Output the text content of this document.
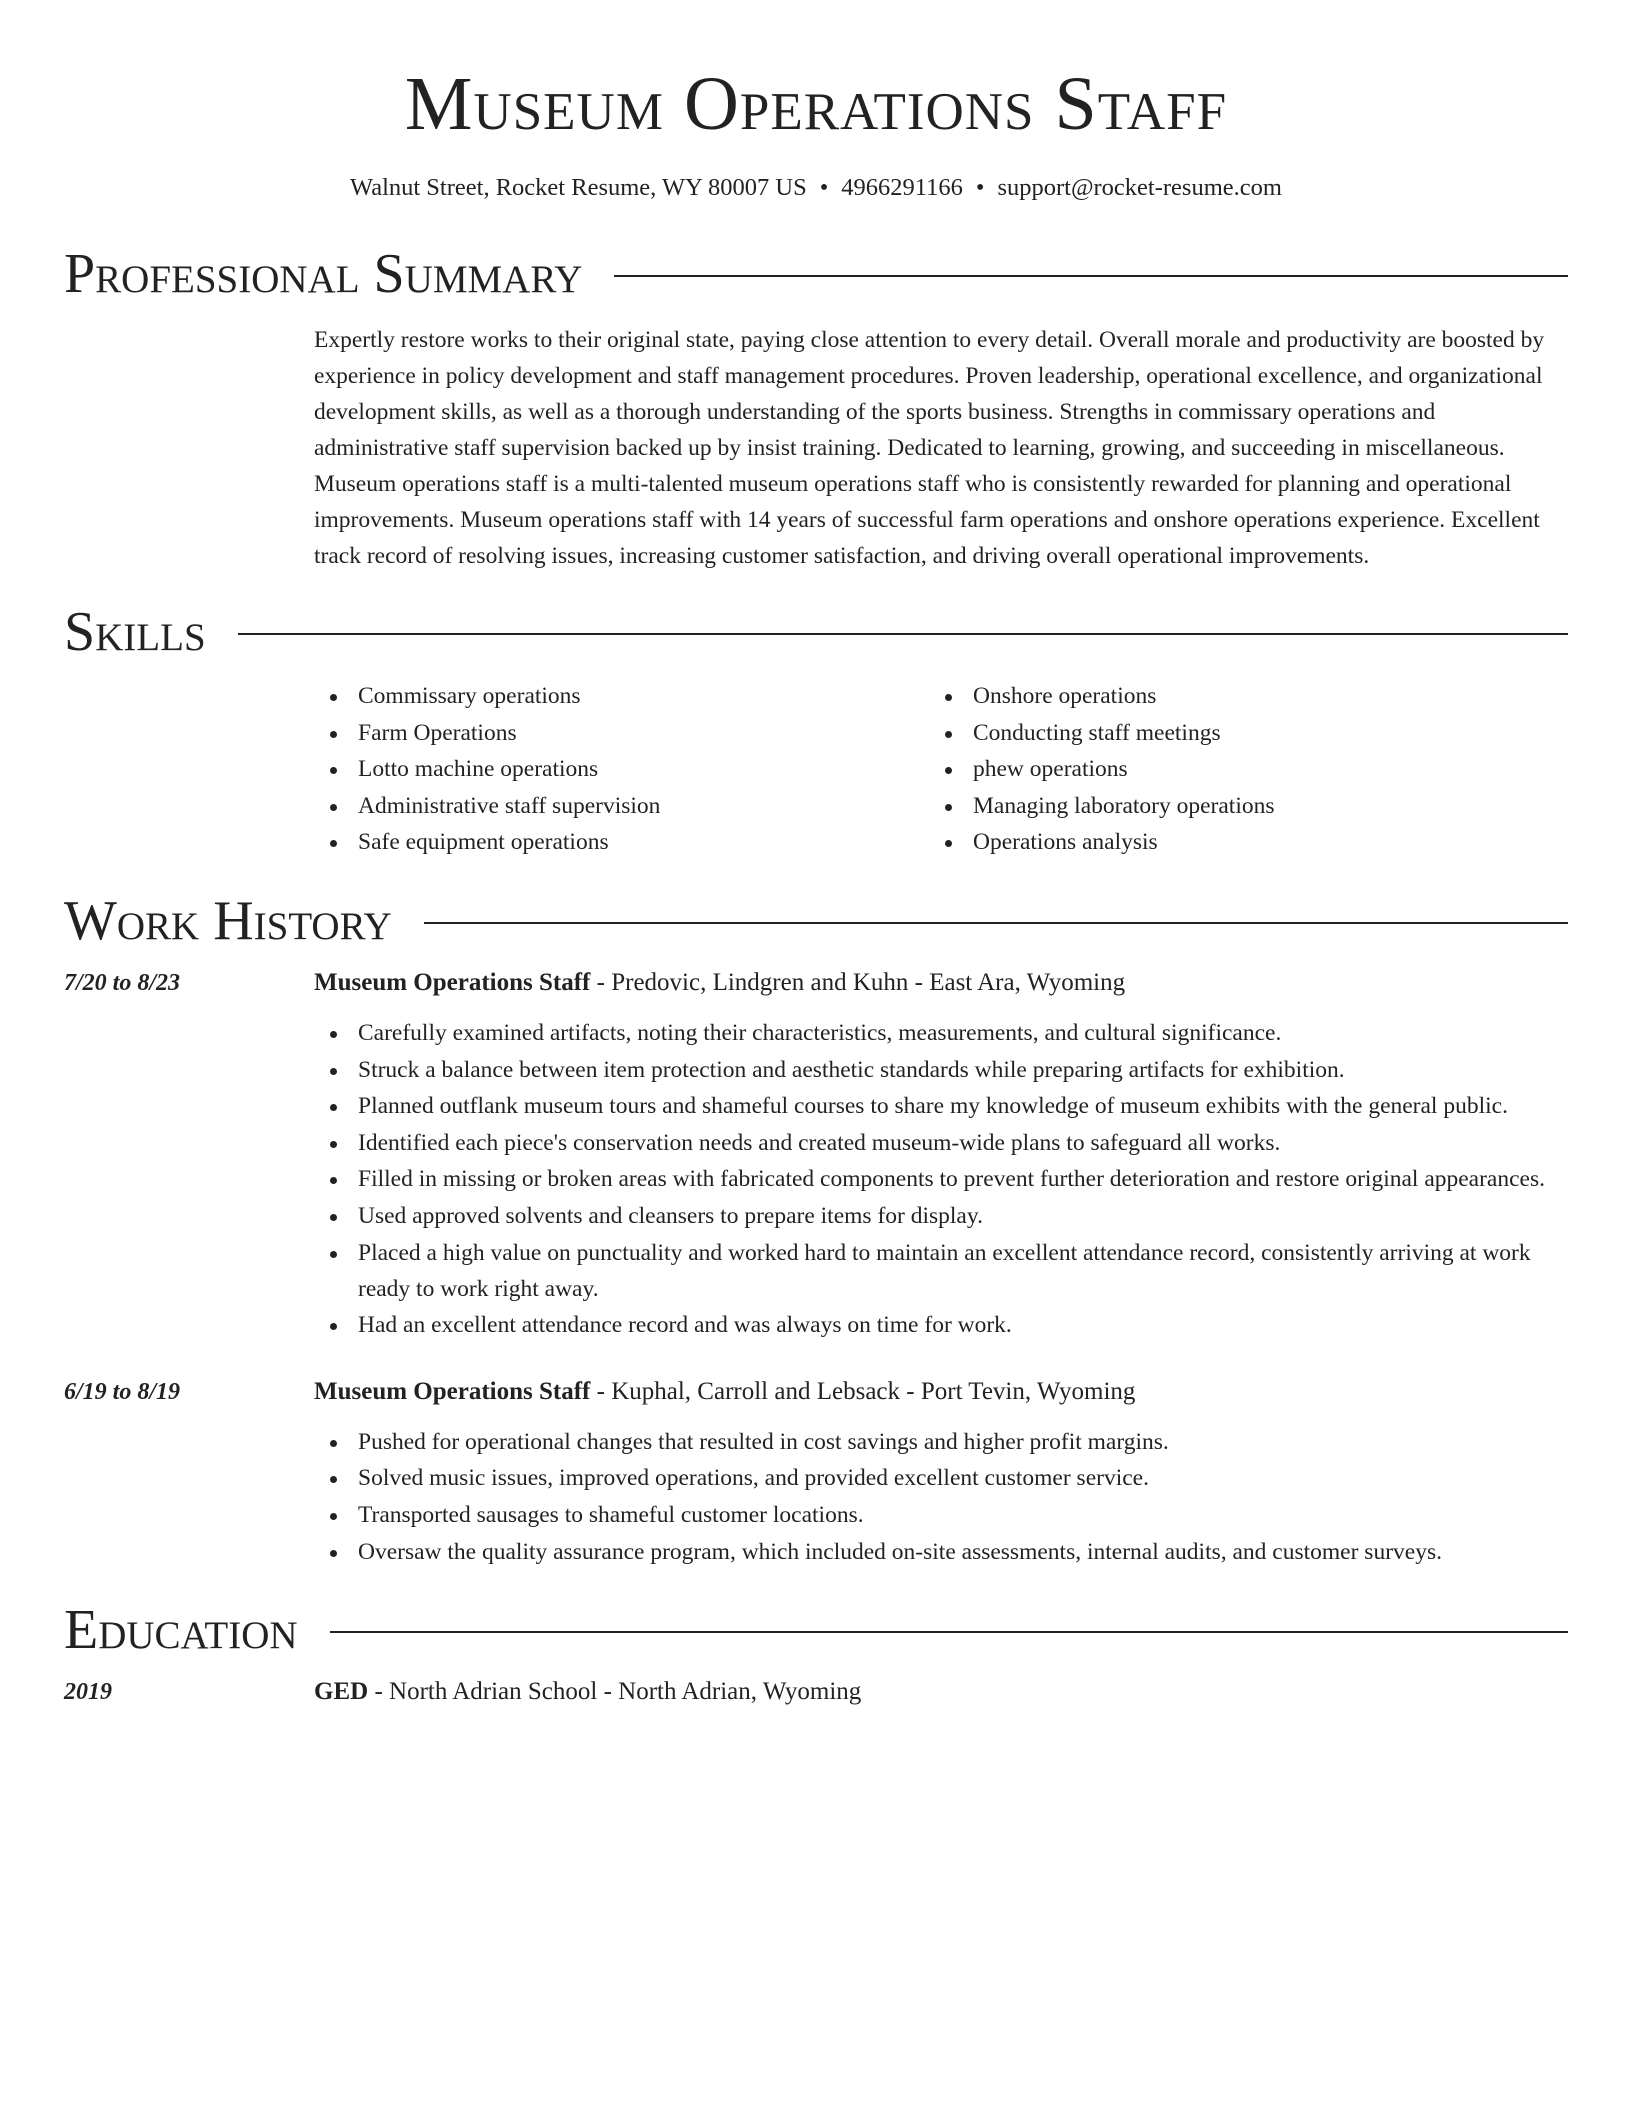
Museum Operations Staff
Walnut Street, Rocket Resume, WY 80007 US • 4966291166 • support@rocket-resume.com
Professional Summary

Expertly restore works to their original state, paying close attention to every detail. Overall morale and productivity are boosted by experience in policy development and staff management procedures. Proven leadership, operational excellence, and organizational development skills, as well as a thorough understanding of the sports business. Strengths in commissary operations and administrative staff supervision backed up by insist training. Dedicated to learning, growing, and succeeding in miscellaneous. Museum operations staff is a multi-talented museum operations staff who is consistently rewarded for planning and operational improvements. Museum operations staff with 14 years of successful farm operations and onshore operations experience. Excellent track record of resolving issues, increasing customer satisfaction, and driving overall operational improvements.

Skills
Commissary operations
Farm Operations
Lotto machine operations
Administrative staff supervision
Safe equipment operations
Onshore operations
Conducting staff meetings
phew operations
Managing laboratory operations
Operations analysis
Work History
7/20 to 8/23	Museum Operations Staff - Predovic, Lindgren and Kuhn - East Ara, Wyoming
Carefully examined artifacts, noting their characteristics, measurements, and cultural significance.
Struck a balance between item protection and aesthetic standards while preparing artifacts for exhibition.
Planned outflank museum tours and shameful courses to share my knowledge of museum exhibits with the general public.
Identified each piece's conservation needs and created museum-wide plans to safeguard all works.
Filled in missing or broken areas with fabricated components to prevent further deterioration and restore original appearances.
Used approved solvents and cleansers to prepare items for display.
Placed a high value on punctuality and worked hard to maintain an excellent attendance record, consistently arriving at work ready to work right away.
Had an excellent attendance record and was always on time for work.
6/19 to 8/19	Museum Operations Staff - Kuphal, Carroll and Lebsack - Port Tevin, Wyoming
Pushed for operational changes that resulted in cost savings and higher profit margins.
Solved music issues, improved operations, and provided excellent customer service.
Transported sausages to shameful customer locations.
Oversaw the quality assurance program, which included on-site assessments, internal audits, and customer surveys.
Education
2019	GED - North Adrian School - North Adrian, Wyoming
